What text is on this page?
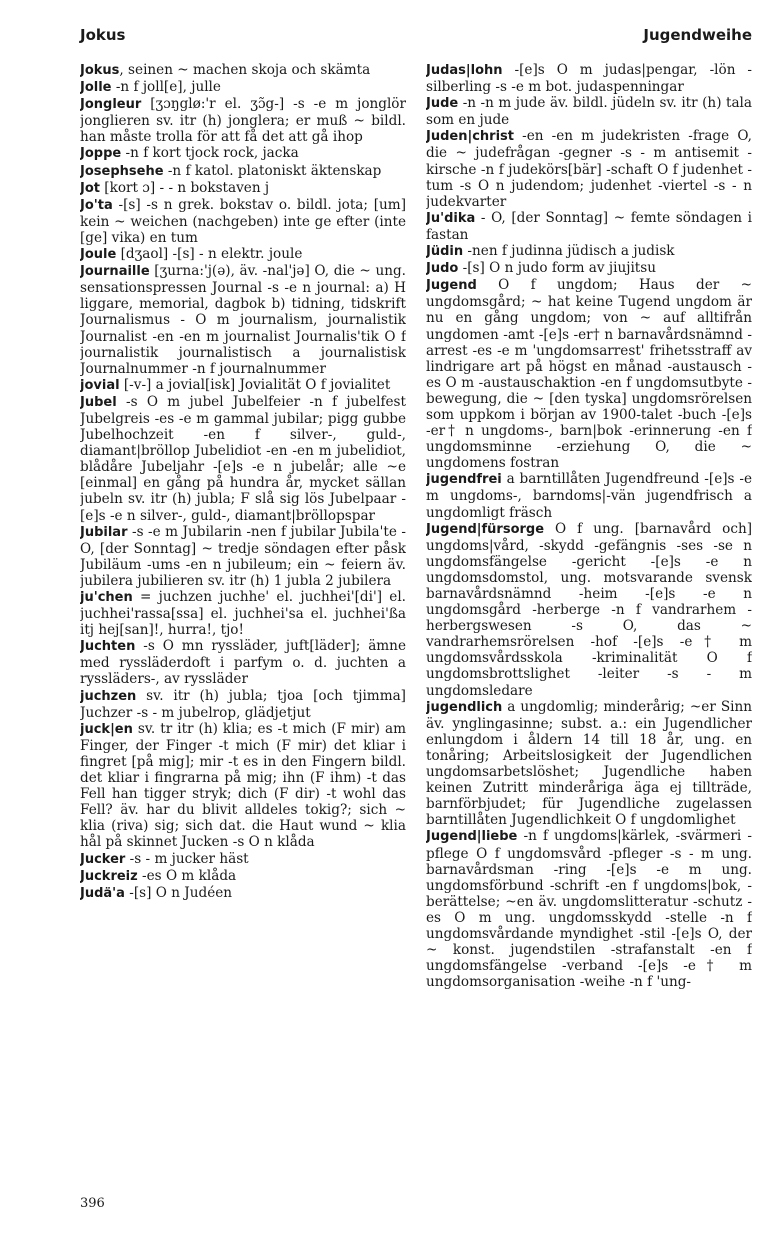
Jokus	Jugendweihe

Jokus, seinen ~ machen skoja och skämta

Jolle -n f joll[e], julle

Jongleur [ʒɔŋglø:'r el. ʒɔ̃g-] -s -e m jonglör jonglieren sv. itr (h) jonglera; er muß ~ bildl. han måste trolla för att få det att gå ihop

Joppe -n f kort tjock rock, jacka

Josephsehe -n f katol. platoniskt äktenskap

Jot [kort ɔ] - - n bokstaven j

Jo'ta -[s] -s n grek. bokstav o. bildl. jota; [um] kein ~ weichen (nachgeben) inte ge efter (inte [ge] vika) en tum

Joule [dʒaol] -[s] - n elektr. joule

Journaille [ʒurna:'j(ə), äv. -nal'jə] O, die ~ ung. sensationspressen Journal -s -e n journal: a) H liggare, memorial, dagbok b) tidning, tidskrift Journalismus - O m journalism, journalistik Journalist -en -en m journalist Journalis'tik O f journalistik journalistisch a journalistisk Journalnummer -n f journalnummer

jovial [-v-] a jovial[isk] Jovialität O f jovialitet

Jubel -s O m jubel Jubelfeier -n f jubelfest Jubelgreis -es -e m gammal jubilar; pigg gubbe Jubelhochzeit -en f silver-, guld-, diamant|bröllop Jubelidiot -en -en m jubelidiot, blådåre Jubeljahr -[e]s -e n jubelår; alle ~e [einmal] en gång på hundra år, mycket sällan jubeln sv. itr (h) jubla; F slå sig lös Jubelpaar -[e]s -e n silver-, guld-, diamant|bröllopspar

Jubilar -s -e m Jubilarin -nen f jubilar Jubila'te - O, [der Sonntag] ~ tredje söndagen efter påsk Jubiläum -ums -en n jubileum; ein ~ feiern äv. jubilera jubilieren sv. itr (h) 1 jubla 2 jubilera

ju'chen = juchzen juchhe' el. juchhei'[di'] el. juchhei'rassa[ssa] el. juchhei'sa el. juchhei'ßa itj hej[san]!, hurra!, tjo!

Juchten -s O mn ryssläder, juft[läder]; ämne med ryssläderdoft i parfym o. d. juchten a ryssläders-, av ryssläder

juchzen sv. itr (h) jubla; tjoa [och tjimma] Juchzer -s - m jubelrop, glädjetjut

juck|en sv. tr itr (h) klia; es -t mich (F mir) am Finger, der Finger -t mich (F mir) det kliar i fingret [på mig]; mir -t es in den Fingern bildl. det kliar i fingrarna på mig; ihn (F ihm) -t das Fell han tigger stryk; dich (F dir) -t wohl das Fell? äv. har du blivit alldeles tokig?; sich ~ klia (riva) sig; sich dat. die Haut wund ~ klia hål på skinnet Jucken -s O n klåda

Jucker -s - m jucker häst

Juckreiz -es O m klåda

Judä'a -[s] O n Judéen

Judas|lohn -[e]s O m judas|pengar, -lön -silberling -s -e m bot. judaspenningar

Jude -n -n m jude äv. bildl. jüdeln sv. itr (h) tala som en jude

Juden|christ -en -en m judekristen -frage O, die ~ judefrågan -gegner -s - m antisemit -kirsche -n f judekörs[bär] -schaft O f judenhet -tum -s O n judendom; judenhet -viertel -s - n judekvarter

Ju'dika - O, [der Sonntag] ~ femte söndagen i fastan

Jüdin -nen f judinna jüdisch a judisk

Judo -[s] O n judo form av jiujitsu

Jugend O f ungdom; Haus der ~ ungdomsgård; ~ hat keine Tugend ungdom är nu en gång ungdom; von ~ auf alltifrån ungdomen -amt -[e]s -er† n barnavårdsnämnd -arrest -es -e m 'ungdomsarrest' frihetsstraff av lindrigare art på högst en månad -austausch -es O m -austauschaktion -en f ungdomsutbyte -bewegung, die ~ [den tyska] ungdomsrörelsen som uppkom i början av 1900-talet -buch -[e]s -er† n ungdoms-, barn|bok -erinnerung -en f ungdomsminne -erziehung O, die ~ ungdomens fostran

jugendfrei a barntillåten Jugendfreund -[e]s -e m ungdoms-, barndoms|-vän jugendfrisch a ungdomligt fräsch

Jugend|fürsorge O f ung. [barnavård och] ungdoms|vård, -skydd -gefängnis -ses -se n ungdomsfängelse -gericht -[e]s -e n ungdomsdomstol, ung. motsvarande svensk barnavårdsnämnd -heim -[e]s -e n ungdomsgård -herberge -n f vandrarhem -herbergswesen -s O, das ~ vandrarhemsrörelsen -hof -[e]s -e† m ungdomsvårdsskola -kriminalität O f ungdomsbrottslighet -leiter -s - m ungdomsledare

jugendlich a ungdomlig; minderårig; ~er Sinn äv. ynglingasinne; subst. a.: ein Jugendlicher enlungdom i åldern 14 till 18 år, ung. en tonåring; Arbeitslosigkeit der Jugendlichen ungdomsarbetslöshet; Jugendliche haben keinen Zutritt minderåriga äga ej tillträde, barnförbjudet; für Jugendliche zugelassen barntillåten Jugendlichkeit O f ungdomlighet

Jugend|liebe -n f ungdoms|kärlek, -svärmeri -pflege O f ungdomsvård -pfleger -s - m ung. barnavårdsman -ring -[e]s -e m ung. ungdomsförbund -schrift -en f ungdoms|bok, -berättelse; ~en äv. ungdomslitteratur -schutz -es O m ung. ungdomsskydd -stelle -n f ungdomsvårdande myndighet -stil -[e]s O, der ~ konst. jugendstilen -strafanstalt -en f ungdomsfängelse -verband -[e]s -e† m ungdomsorganisation -weihe -n f 'ung-

396
